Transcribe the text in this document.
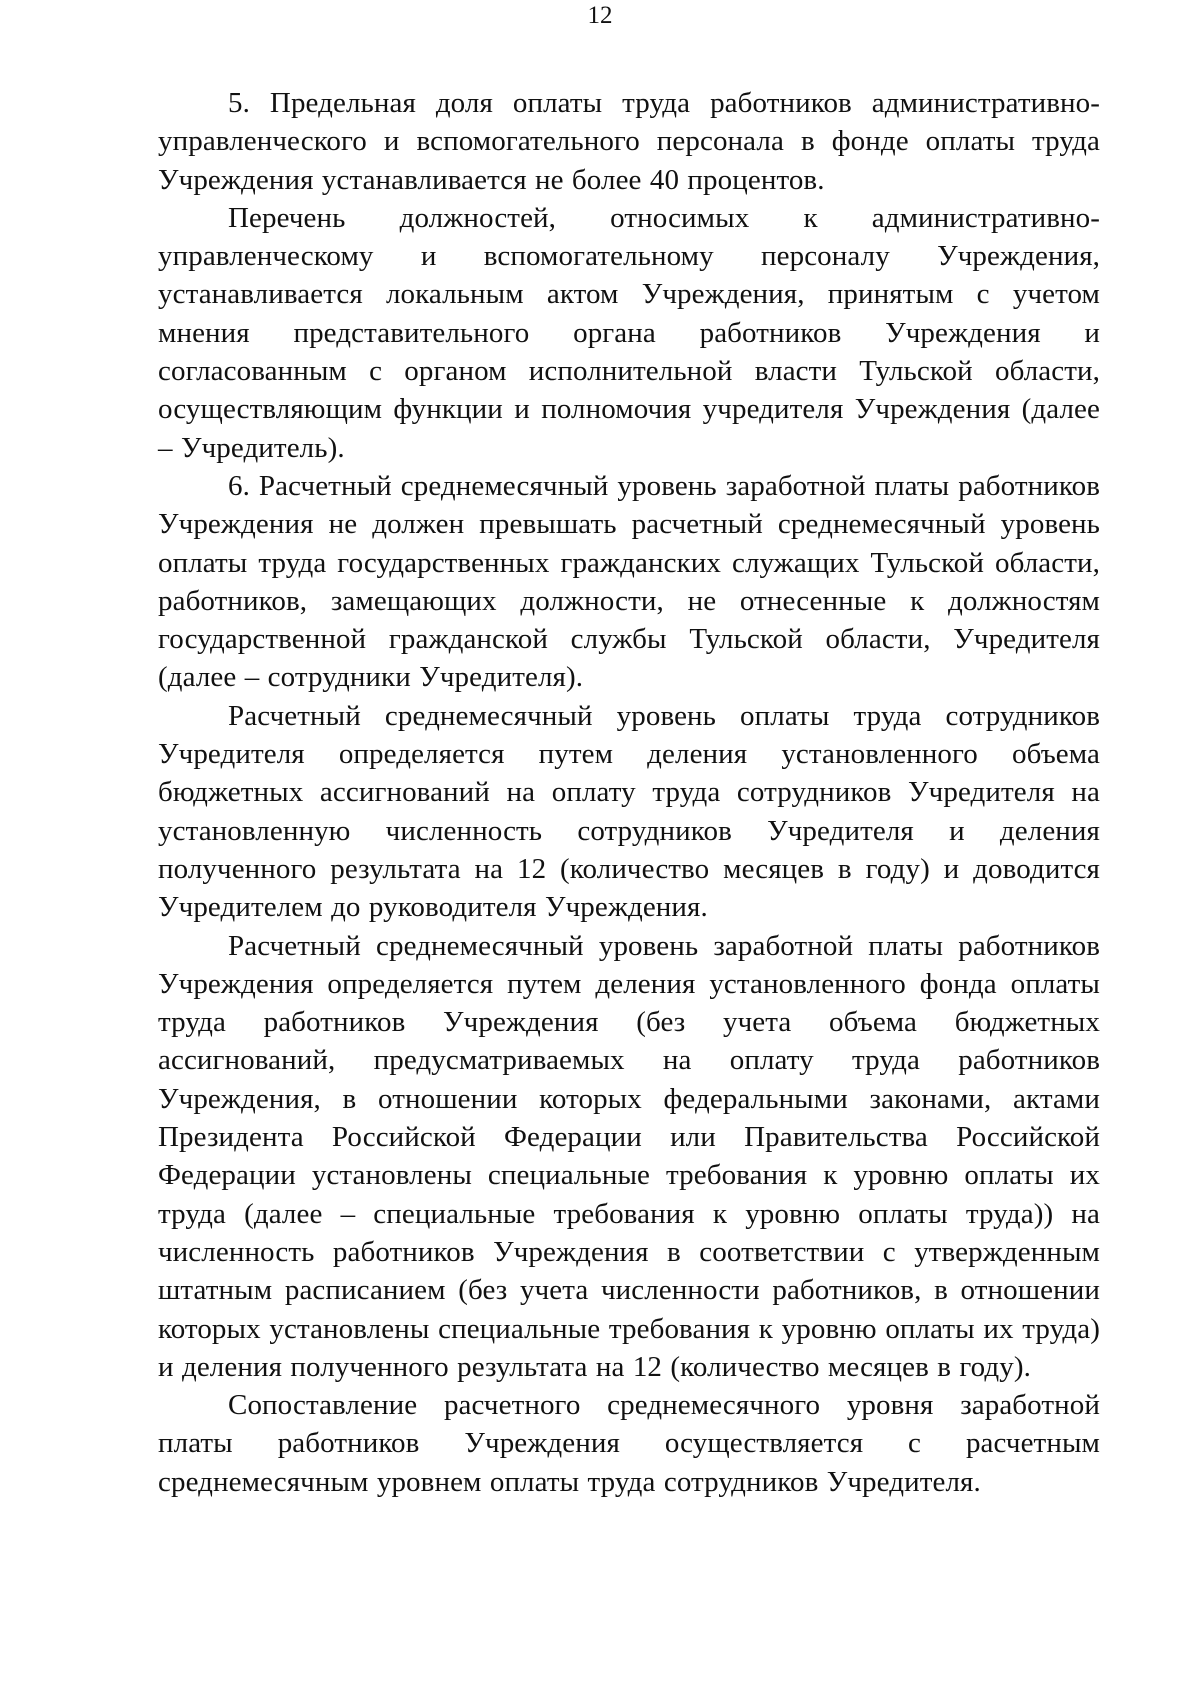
12

5. Предельная доля оплаты труда работников административно-управленческого и вспомогательного персонала в фонде оплаты труда Учреждения устанавливается не более 40 процентов.

Перечень должностей, относимых к административно-управленческому и вспомогательному персоналу Учреждения, устанавливается локальным актом Учреждения, принятым с учетом мнения представительного органа работников Учреждения и согласованным с органом исполнительной власти Тульской области, осуществляющим функции и полномочия учредителя Учреждения (далее – Учредитель).

6. Расчетный среднемесячный уровень заработной платы работников Учреждения не должен превышать расчетный среднемесячный уровень оплаты труда государственных гражданских служащих Тульской области, работников, замещающих должности, не отнесенные к должностям государственной гражданской службы Тульской области, Учредителя (далее – сотрудники Учредителя).

Расчетный среднемесячный уровень оплаты труда сотрудников Учредителя определяется путем деления установленного объема бюджетных ассигнований на оплату труда сотрудников Учредителя на установленную численность сотрудников Учредителя и деления полученного результата на 12 (количество месяцев в году) и доводится Учредителем до руководителя Учреждения.

Расчетный среднемесячный уровень заработной платы работников Учреждения определяется путем деления установленного фонда оплаты труда работников Учреждения (без учета объема бюджетных ассигнований, предусматриваемых на оплату труда работников Учреждения, в отношении которых федеральными законами, актами Президента Российской Федерации или Правительства Российской Федерации установлены специальные требования к уровню оплаты их труда (далее – специальные требования к уровню оплаты труда)) на численность работников Учреждения в соответствии с утвержденным штатным расписанием (без учета численности работников, в отношении которых установлены специальные требования к уровню оплаты их труда) и деления полученного результата на 12 (количество месяцев в году).

Сопоставление расчетного среднемесячного уровня заработной платы работников Учреждения осуществляется с расчетным среднемесячным уровнем оплаты труда сотрудников Учредителя.
